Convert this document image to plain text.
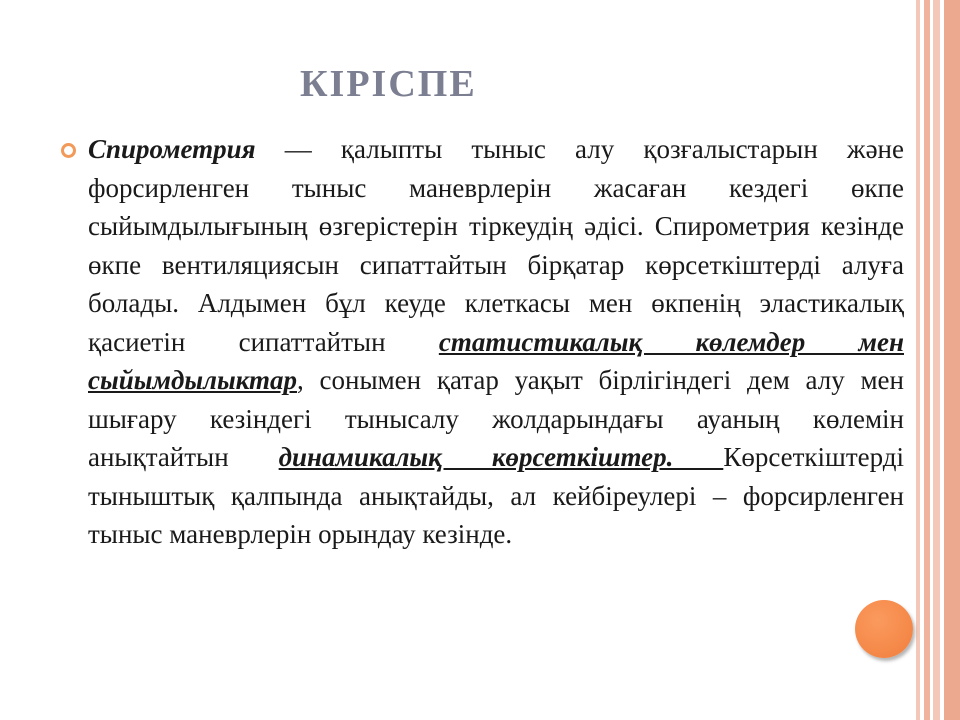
КІРІСПЕ
Спирометрия — қалыпты тыныс алу қозғалыстарын және форсирленген тыныс маневрлерін жасаған кездегі өкпе сыйымдылығының өзгерістерін тіркеудің әдісі. Спирометрия кезінде өкпе вентиляциясын сипаттайтын бірқатар көрсеткіштерді алуға болады. Алдымен бұл кеуде клеткасы мен өкпенің эластикалық қасиетін сипаттайтын статистикалық көлемдер мен сыйымдылыктар, сонымен қатар уақыт бірлігіндегі дем алу мен шығару кезіндегі тынысалу жолдарындағы ауаның көлемін анықтайтын динамикалық көрсеткіштер. Көрсеткіштерді тыныштық қалпында анықтайды, ал кейбіреулері – форсирленген тыныс маневрлерін орындау кезінде.
